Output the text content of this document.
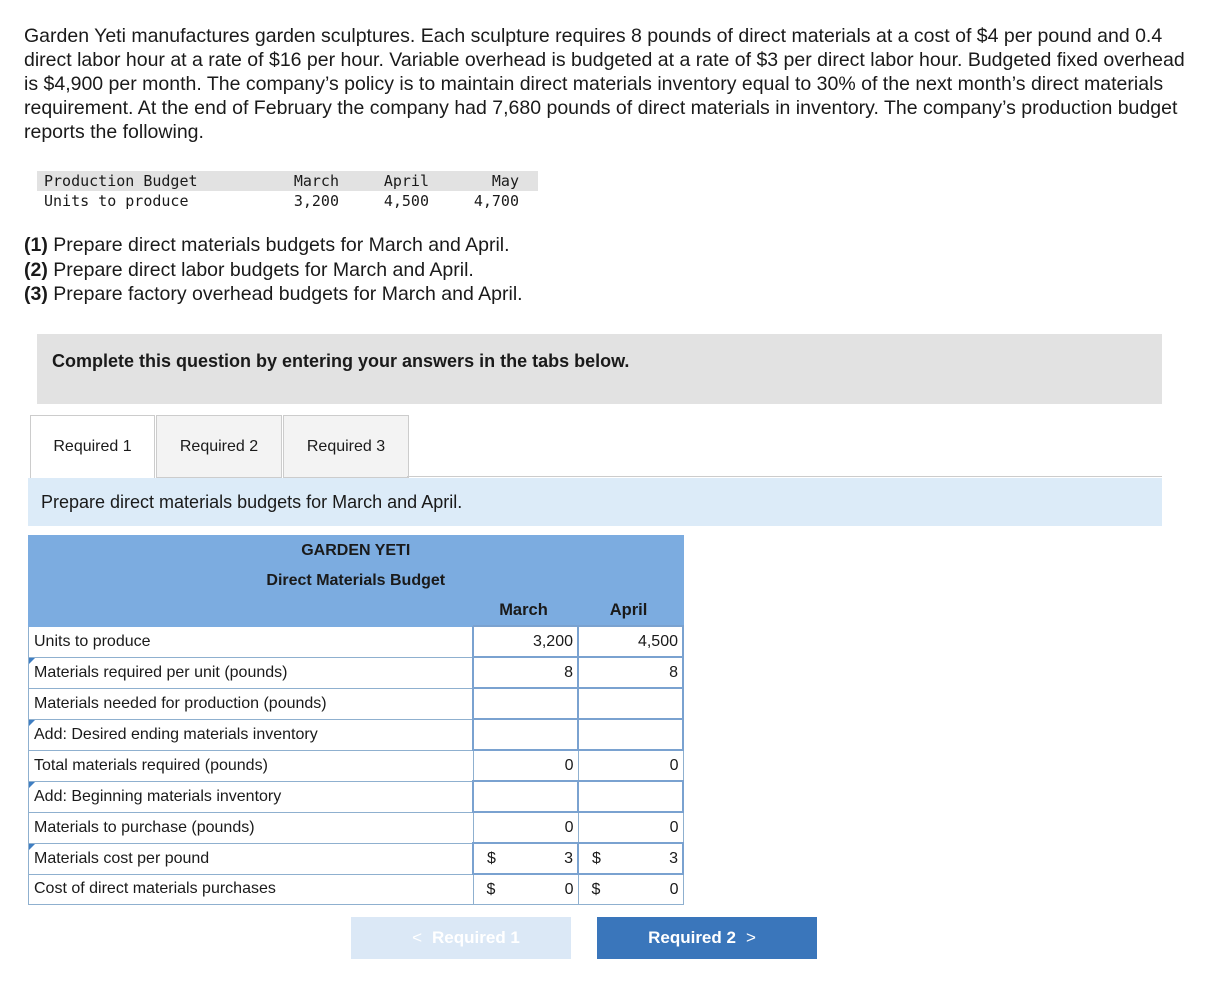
Garden Yeti manufactures garden sculptures. Each sculpture requires 8 pounds of direct materials at a cost of $4 per pound and 0.4 direct labor hour at a rate of $16 per hour. Variable overhead is budgeted at a rate of $3 per direct labor hour. Budgeted fixed overhead is $4,900 per month. The company’s policy is to maintain direct materials inventory equal to 30% of the next month’s direct materials requirement. At the end of February the company had 7,680 pounds of direct materials in inventory. The company’s production budget reports the following.

Production Budget	March	April	May
Units to produce	3,200	4,500	4,700
(1) Prepare direct materials budgets for March and April.
(2) Prepare direct labor budgets for March and April.
(3) Prepare factory overhead budgets for March and April.
Complete this question by entering your answers in the tabs below.
Required 1	Required 2	Required 3
Prepare direct materials budgets for March and April.
GARDEN YETI		
Direct Materials Budget		
	March	April
Units to produce	3,200	4,500

Materials required per unit (pounds)	8	8
Materials needed for production (pounds)		

Add: Desired ending materials inventory		
Total materials required (pounds)	0	0

Add: Beginning materials inventory		
Materials to purchase (pounds)	0	0

Materials cost per pound	$ 3	$ 3
Cost of direct materials purchases	$ 0	$ 0
< Required 1	Required 2 >
